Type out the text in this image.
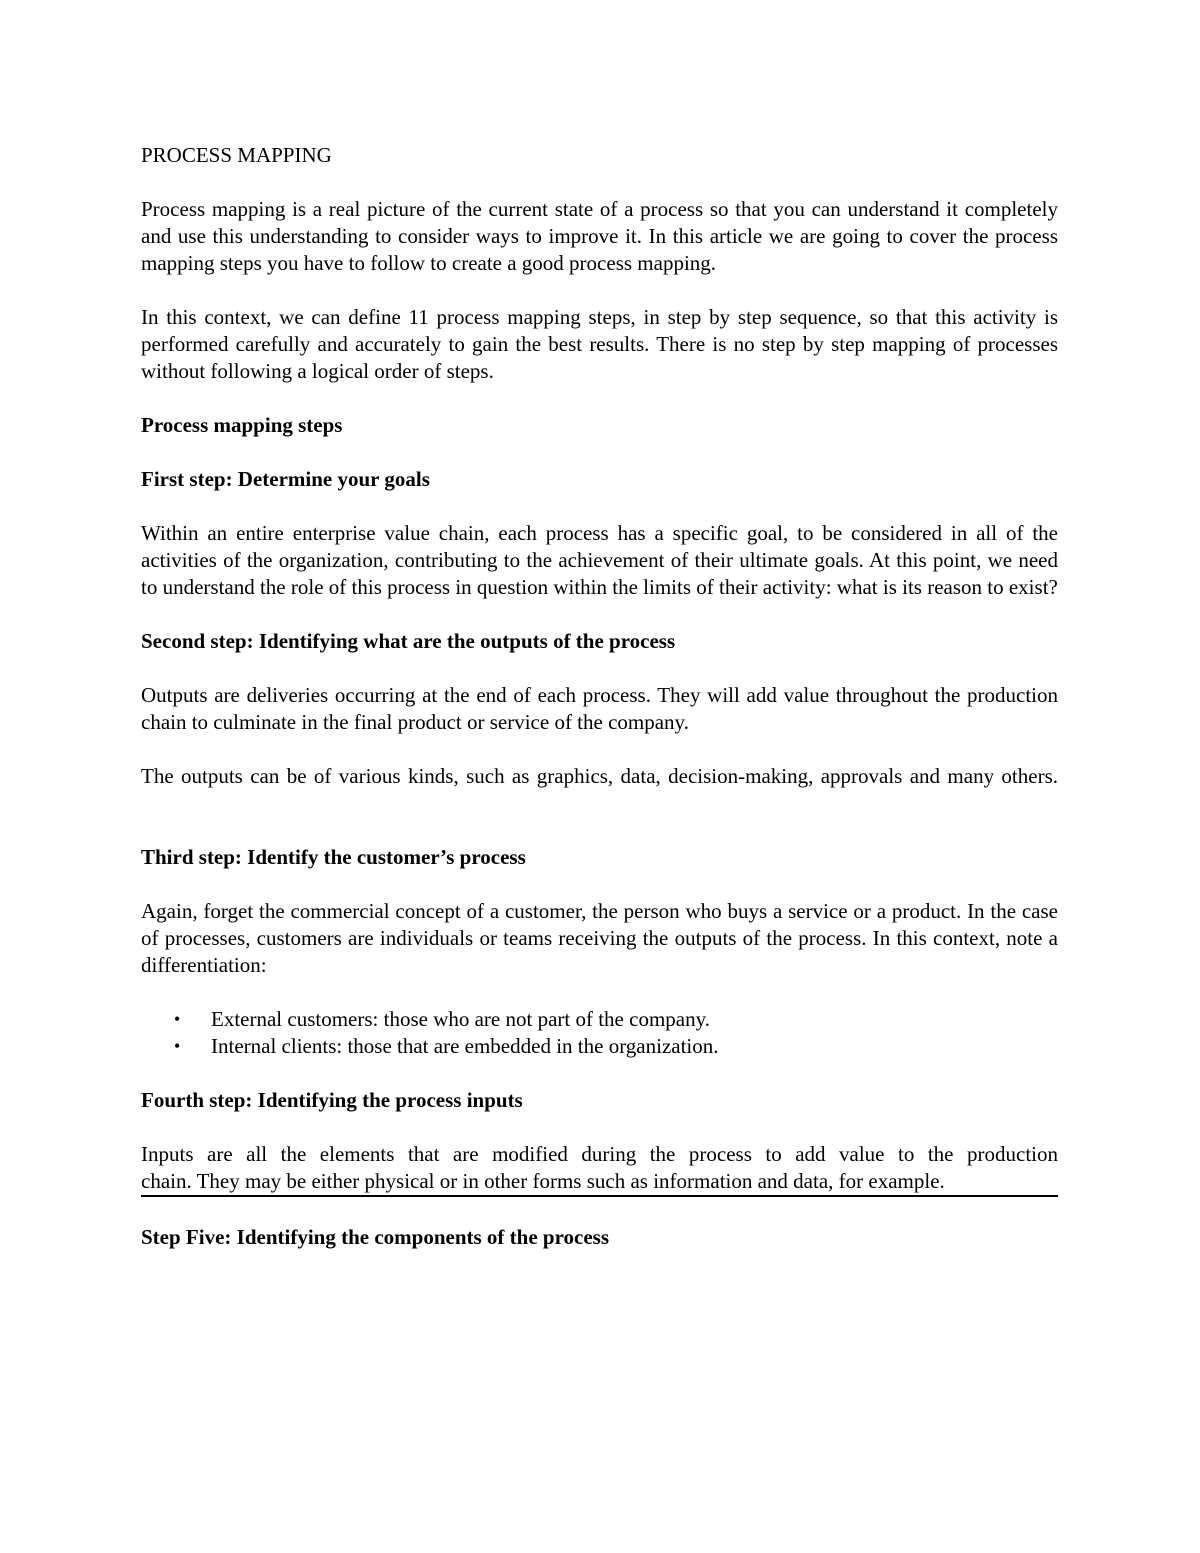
PROCESS MAPPING

Process mapping is a real picture of the current state of a process so that you can understand it completely and use this understanding to consider ways to improve it. In this article we are going to cover the process mapping steps you have to follow to create a good process mapping.

In this context, we can define 11 process mapping steps, in step by step sequence, so that this activity is performed carefully and accurately to gain the best results. There is no step by step mapping of processes without following a logical order of steps.

Process mapping steps

First step: Determine your goals

Within an entire enterprise value chain, each process has a specific goal, to be considered in all of the activities of the organization, contributing to the achievement of their ultimate goals. At this point, we need to understand the role of this process in question within the limits of their activity: what is its reason to exist?

Second step: Identifying what are the outputs of the process

Outputs are deliveries occurring at the end of each process. They will add value throughout the production chain to culminate in the final product or service of the company.

The outputs can be of various kinds, such as graphics, data, decision-making, approvals and many others.

Third step: Identify the customer’s process

Again, forget the commercial concept of a customer, the person who buys a service or a product. In the case of processes, customers are individuals or teams receiving the outputs of the process. In this context, note a differentiation:

• External customers: those who are not part of the company.
• Internal clients: those that are embedded in the organization.

Fourth step: Identifying the process inputs

Inputs are all the elements that are modified during the process to add value to the production
chain. They may be either physical or in other forms such as information and data, for example.

Step Five: Identifying the components of the process
